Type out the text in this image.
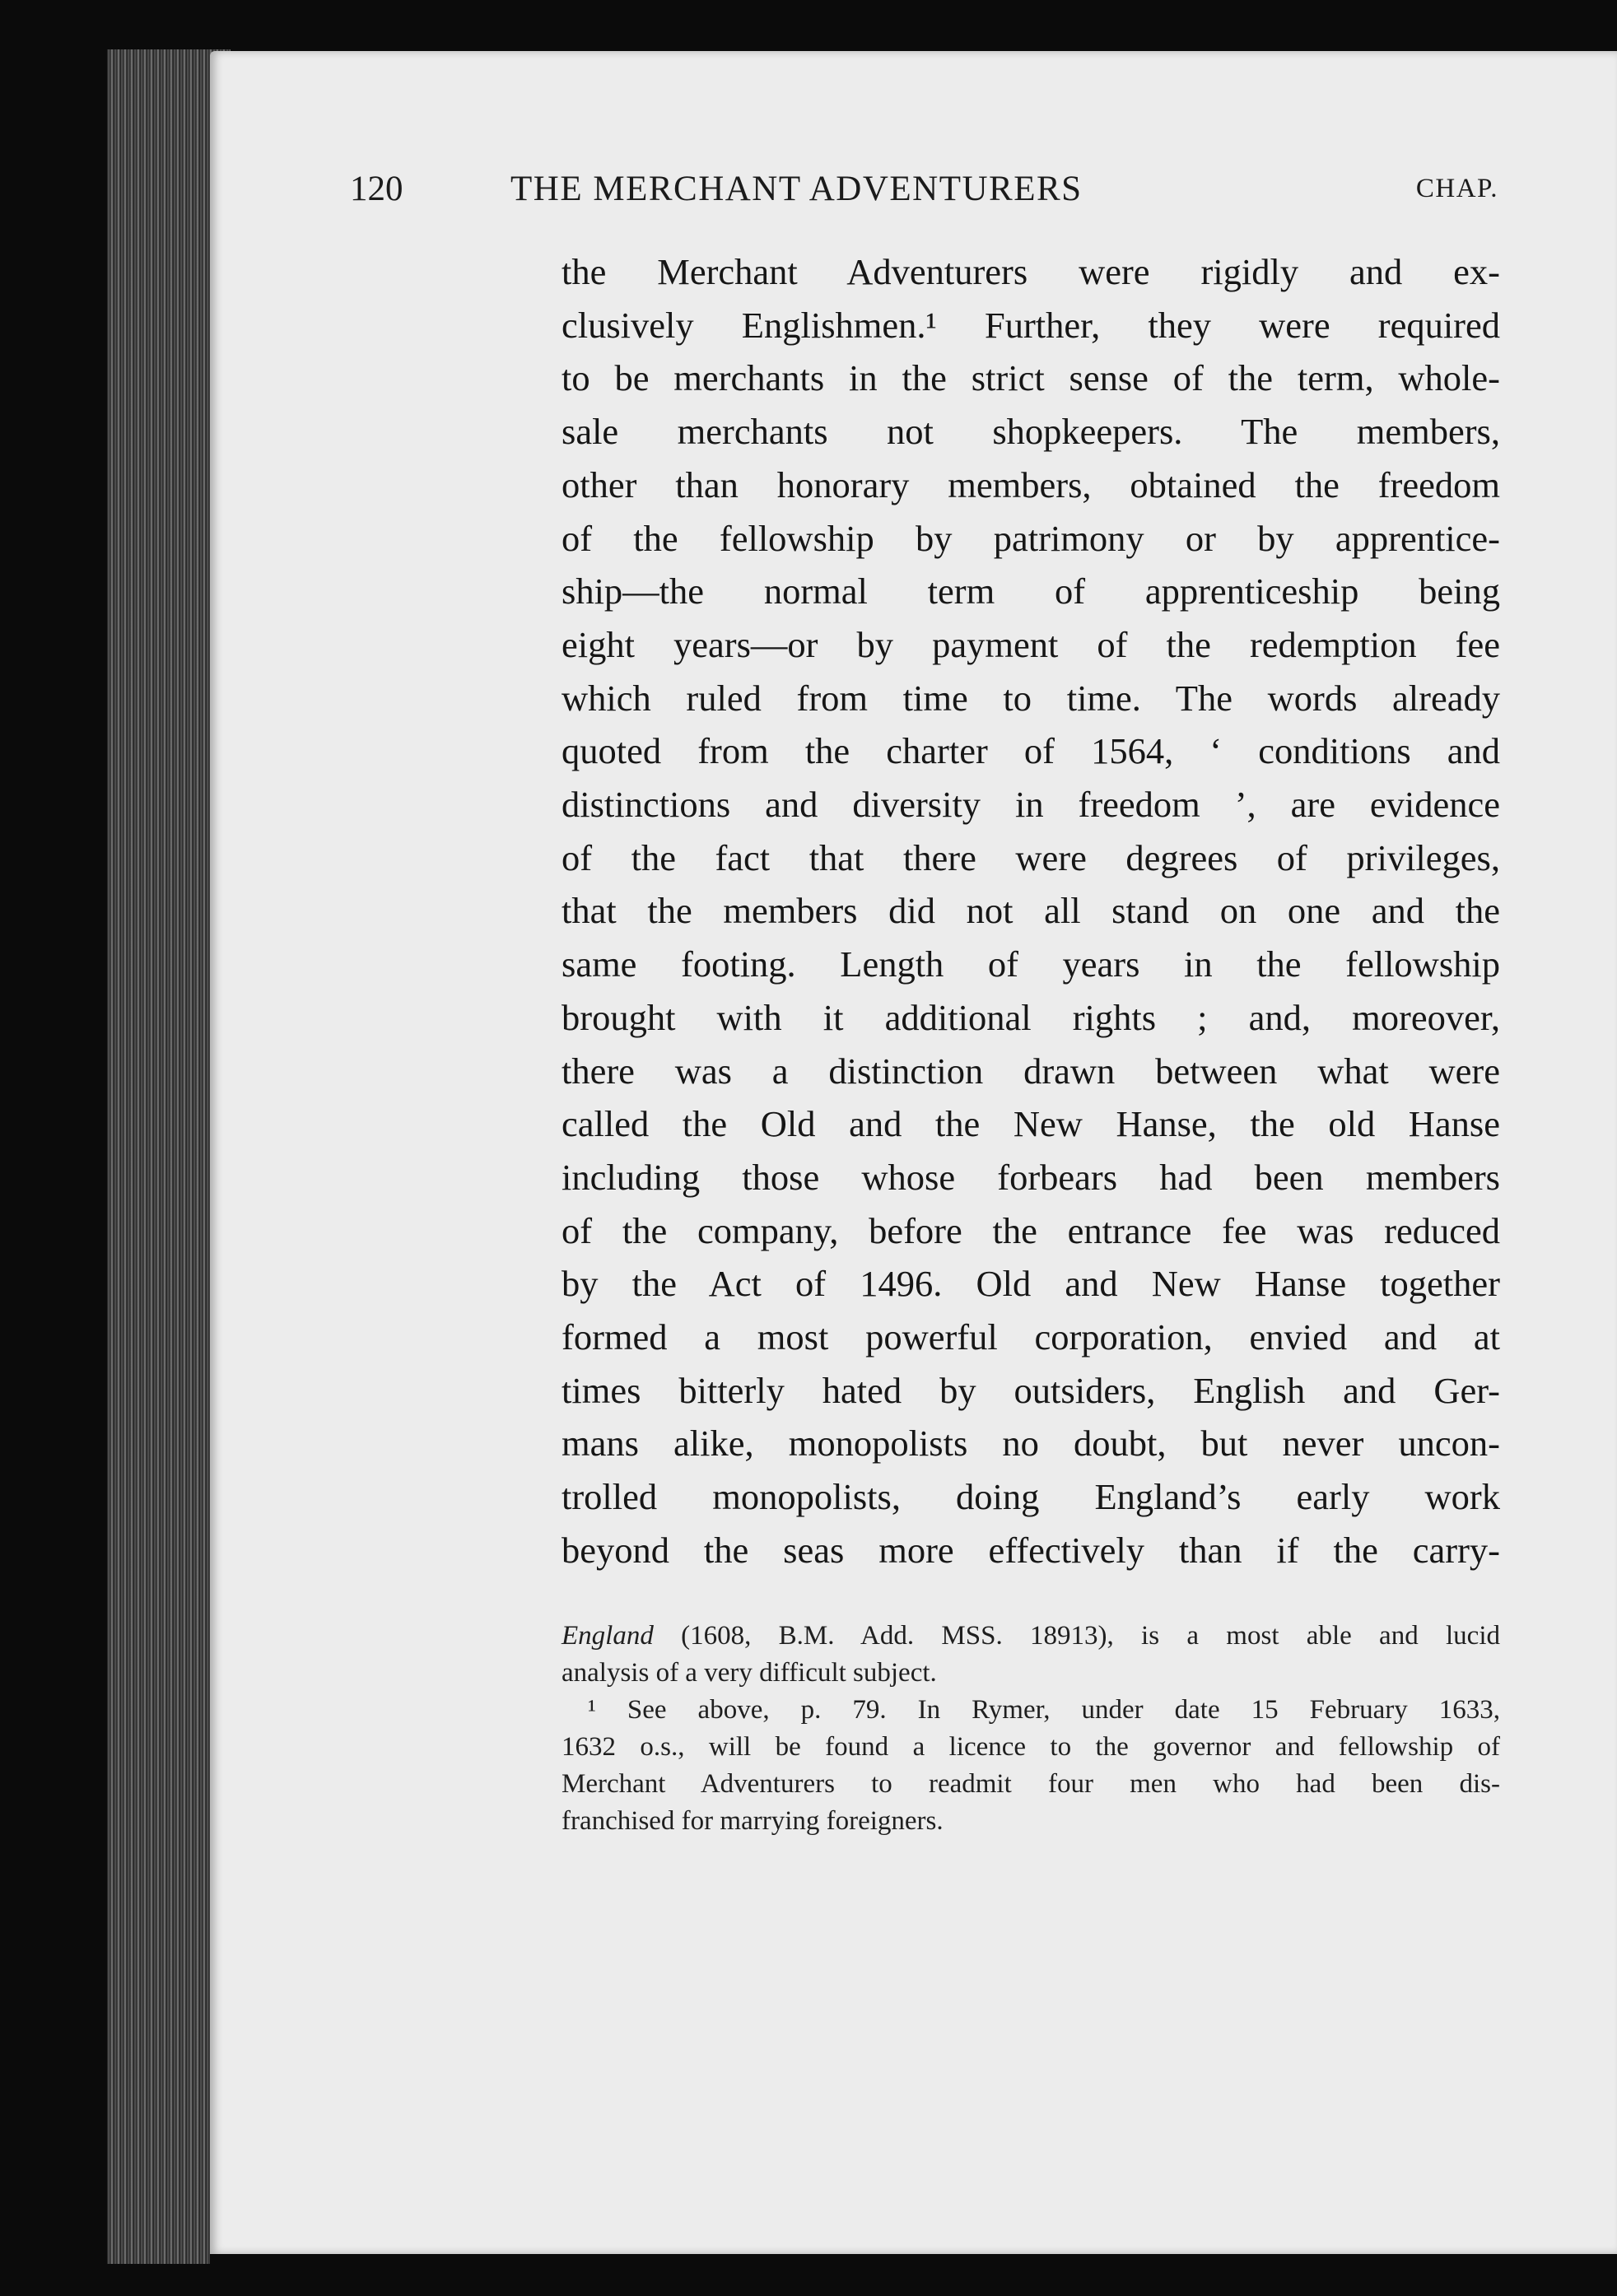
120	THE MERCHANT ADVENTURERS	CHAP.
the Merchant Adventurers were rigidly and ex-
clusively Englishmen.¹ Further, they were required
to be merchants in the strict sense of the term, whole-
sale merchants not shopkeepers. The members,
other than honorary members, obtained the freedom
of the fellowship by patrimony or by apprentice-
ship—the normal term of apprenticeship being
eight years—or by payment of the redemption fee
which ruled from time to time. The words already
quoted from the charter of 1564, ‘ conditions and
distinctions and diversity in freedom ’, are evidence
of the fact that there were degrees of privileges,
that the members did not all stand on one and the
same footing. Length of years in the fellowship
brought with it additional rights ; and, moreover,
there was a distinction drawn between what were
called the Old and the New Hanse, the old Hanse
including those whose forbears had been members
of the company, before the entrance fee was reduced
by the Act of 1496. Old and New Hanse together
formed a most powerful corporation, envied and at
times bitterly hated by outsiders, English and Ger-
mans alike, monopolists no doubt, but never uncon-
trolled monopolists, doing England’s early work
beyond the seas more effectively than if the carry-
England (1608, B.M. Add. MSS. 18913), is a most able and lucid
analysis of a very difficult subject.
¹ See above, p. 79. In Rymer, under date 15 February 1633,
1632 o.s., will be found a licence to the governor and fellowship of
Merchant Adventurers to readmit four men who had been dis-
franchised for marrying foreigners.
